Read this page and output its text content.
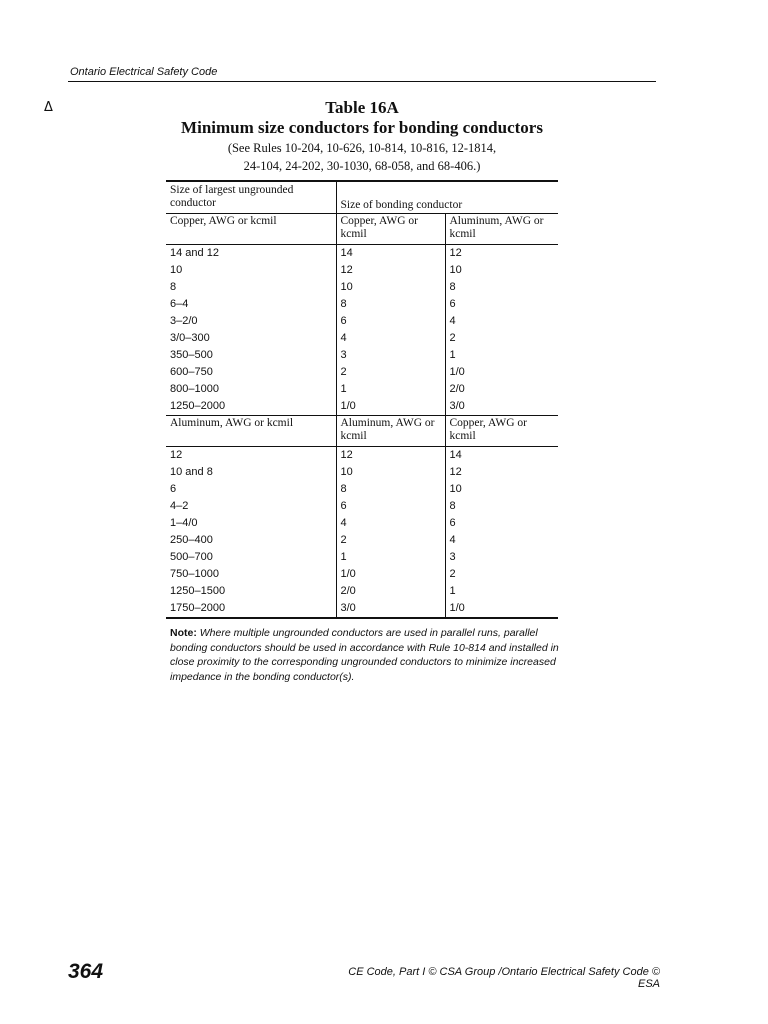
Ontario Electrical Safety Code
Δ	Table 16A
Minimum size conductors for bonding conductors
(See Rules 10-204, 10-626, 10-814, 10-816, 12-1814,
24-104, 24-202, 30-1030, 68-058, and 68-406.)
Size of largest ungrounded conductor	Size of bonding conductor	
Copper, AWG or kcmil	Copper, AWG or kcmil	Aluminum, AWG or kcmil
14 and 12	14	12
10	12	10
8	10	8
6–4	8	6
3–2/0	6	4
3/0–300	4	2
350–500	3	1
600–750	2	1/0
800–1000	1	2/0
1250–2000	1/0	3/0
Aluminum, AWG or kcmil	Aluminum, AWG or kcmil	Copper, AWG or kcmil
12	12	14
10 and 8	10	12
6	8	10
4–2	6	8
1–4/0	4	6
250–400	2	4
500–700	1	3
750–1000	1/0	2
1250–1500	2/0	1
1750–2000	3/0	1/0
Note: Where multiple ungrounded conductors are used in parallel runs, parallel bonding conductors should be used in accordance with Rule 10-814 and installed in close proximity to the corresponding ungrounded conductors to minimize increased impedance in the bonding conductor(s).
364	CE Code, Part I © CSA Group /Ontario Electrical Safety Code © ESA
